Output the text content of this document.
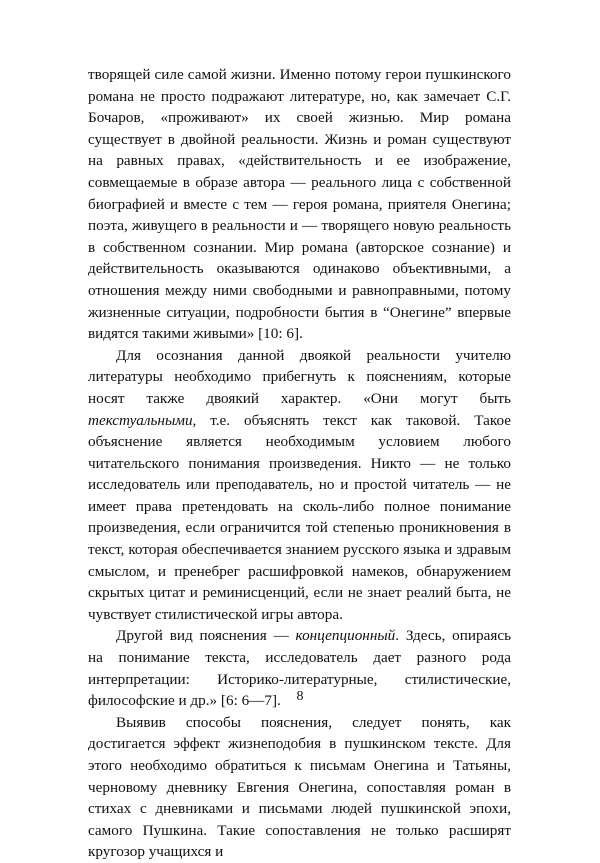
творящей силе самой жизни. Именно потому герои пушкинского романа не просто подражают литературе, но, как замечает С.Г. Бочаров, «проживают» их своей жизнью. Мир романа существует в двойной реальности. Жизнь и роман существуют на равных правах, «действительность и ее изображение, совмещаемые в образе автора — реального лица с собственной биографией и вместе с тем — героя романа, приятеля Онегина; поэта, живущего в реальности и — творящего новую реальность в собственном сознании. Мир романа (авторское сознание) и действительность оказываются одинаково объективными, а отношения между ними свободными и равноправными, потому жизненные ситуации, подробности бытия в “Онегине” впервые видятся такими живыми» [10: 6].

Для осознания данной двоякой реальности учителю литературы необходимо прибегнуть к пояснениям, которые носят также двоякий характер. «Они могут быть текстуальными, т.е. объяснять текст как таковой. Такое объяснение является необходимым условием любого читательского понимания произведения. Никто — не только исследователь или преподаватель, но и простой читатель — не имеет права претендовать на сколь-либо полное понимание произведения, если ограничится той степенью проникновения в текст, которая обеспечивается знанием русского языка и здравым смыслом, и пренебрег расшифровкой намеков, обнаружением скрытых цитат и реминисценций, если не знает реалий быта, не чувствует стилистической игры автора.

Другой вид пояснения — концепционный. Здесь, опираясь на понимание текста, исследователь дает разного рода интерпретации: Историко-литературные, стилистические, философские и др.» [6: 6—7].

Выявив способы пояснения, следует понять, как достигается эффект жизнеподобия в пушкинском тексте. Для этого необходимо обратиться к письмам Онегина и Татьяны, черновому дневнику Евгения Онегина, сопоставляя роман в стихах с дневниками и письмами людей пушкинской эпохи, самого Пушкина. Такие сопоставления не только расширят кругозор учащихся и

8
